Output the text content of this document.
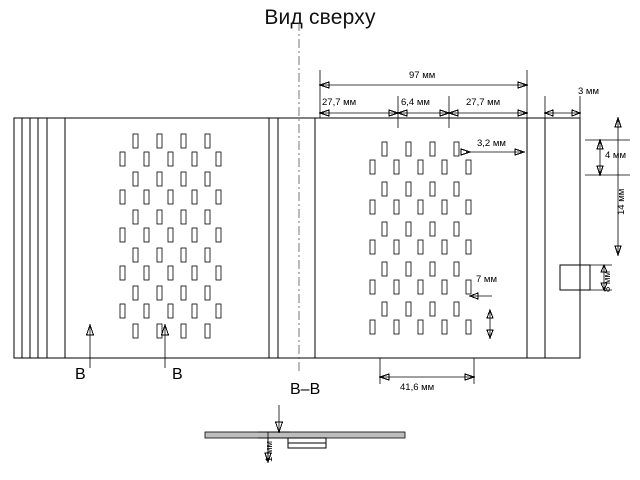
Вид сверху
97 мм
27,7 мм	6,4 мм	27,7 мм
3 мм
3,2 мм
4 мм
14 мм
8 мм
7 мм
41,6 мм
1 мм
B	B
B–B
